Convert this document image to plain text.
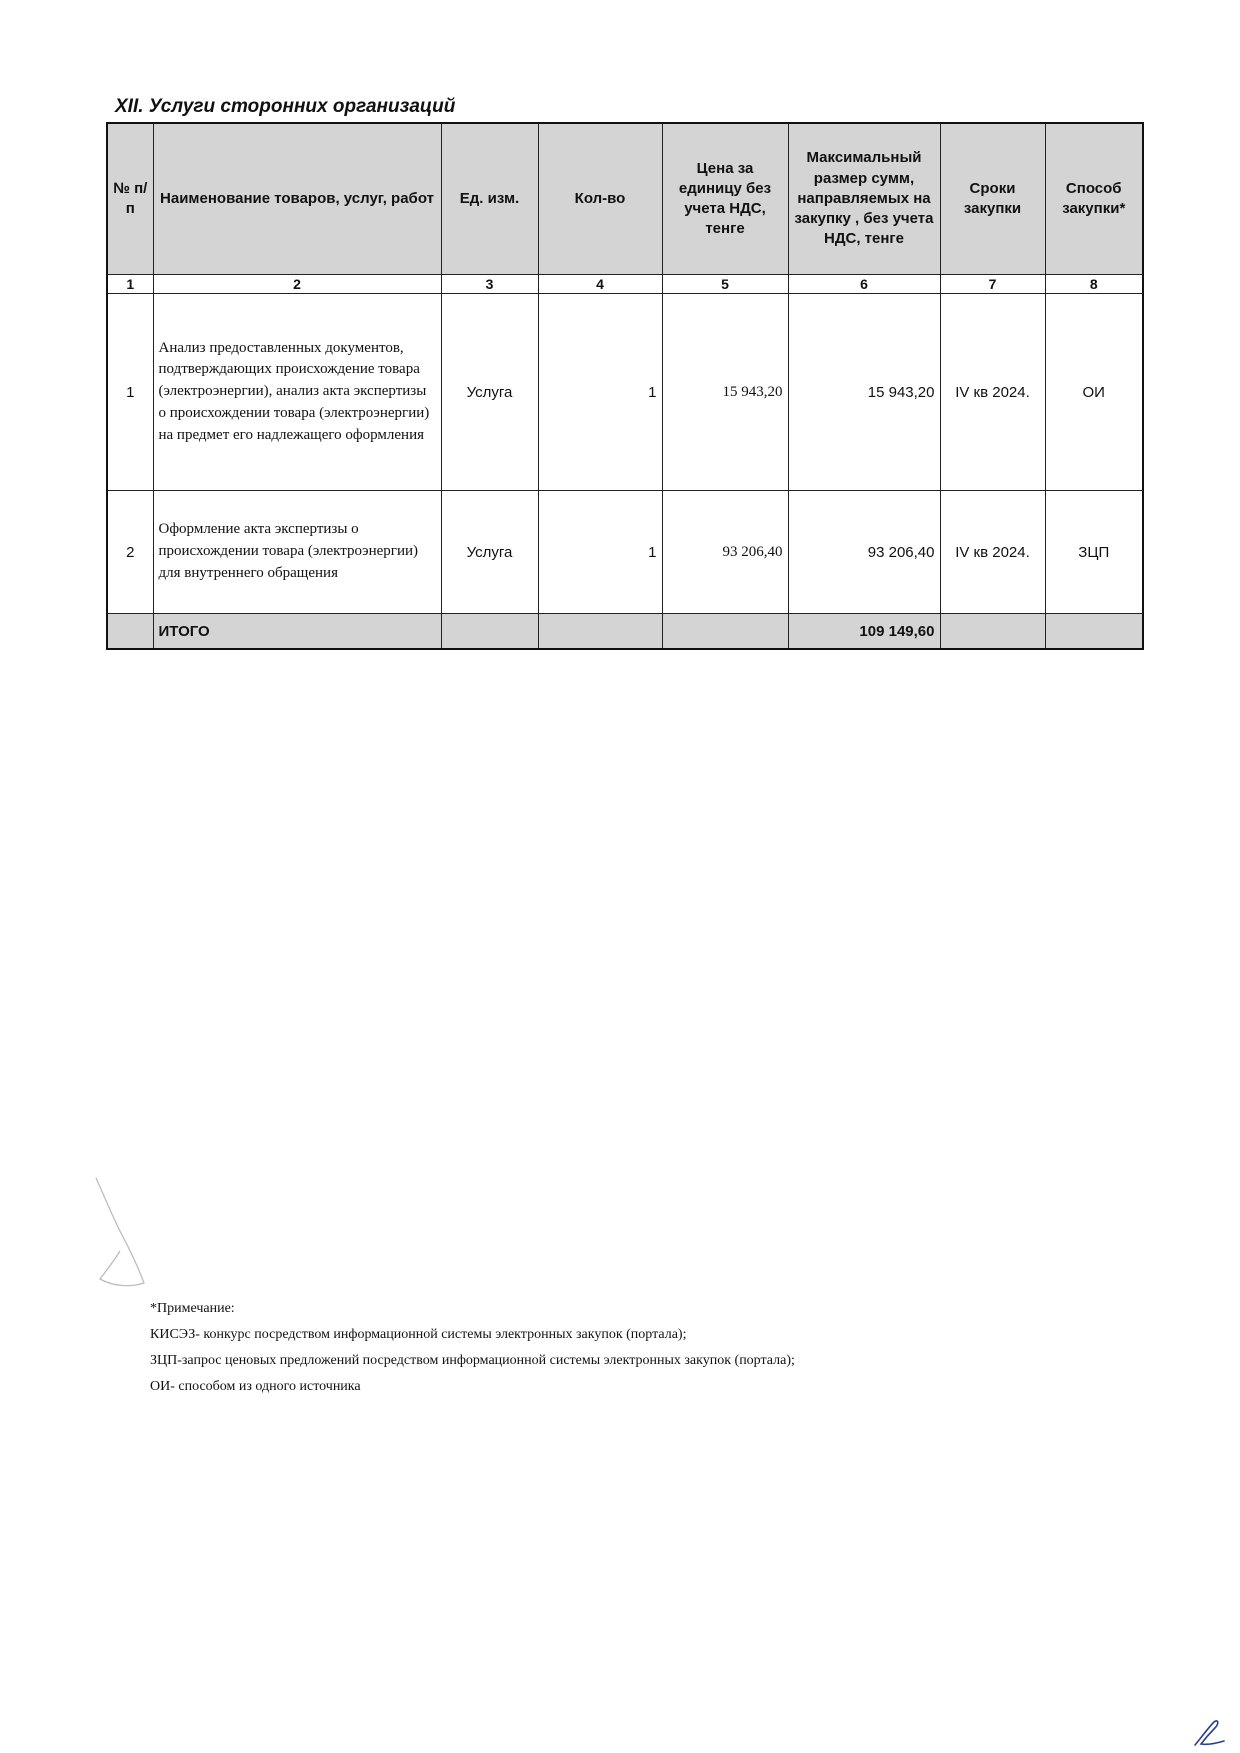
XII. Услуги сторонних организаций
№ п/п	Наименование товаров, услуг, работ	Ед. изм.	Кол-во	Цена за единицу без учета НДС, тенге	Максимальный размер сумм, направляемых на закупку , без учета НДС, тенге	Сроки закупки	Способ закупки*
1	2	3	4	5	6	7	8
1	Анализ предоставленных документов, подтверждающих происхождение товара (электроэнергии), анализ акта экспертизы о происхождении товара (электроэнергии) на предмет его надлежащего оформления	Услуга	1	15 943,20	15 943,20	IV кв 2024.	ОИ
2	Оформление акта экспертизы о происхождении товара (электроэнергии) для внутреннего обращения	Услуга	1	93 206,40	93 206,40	IV кв 2024.	ЗЦП
	ИТОГО				109 149,60		
*Примечание:
КИСЭЗ- конкурс посредством информационной системы электронных закупок (портала);
ЗЦП-запрос ценовых предложений посредством информационной системы электронных закупок (портала);
ОИ- способом из одного источника
